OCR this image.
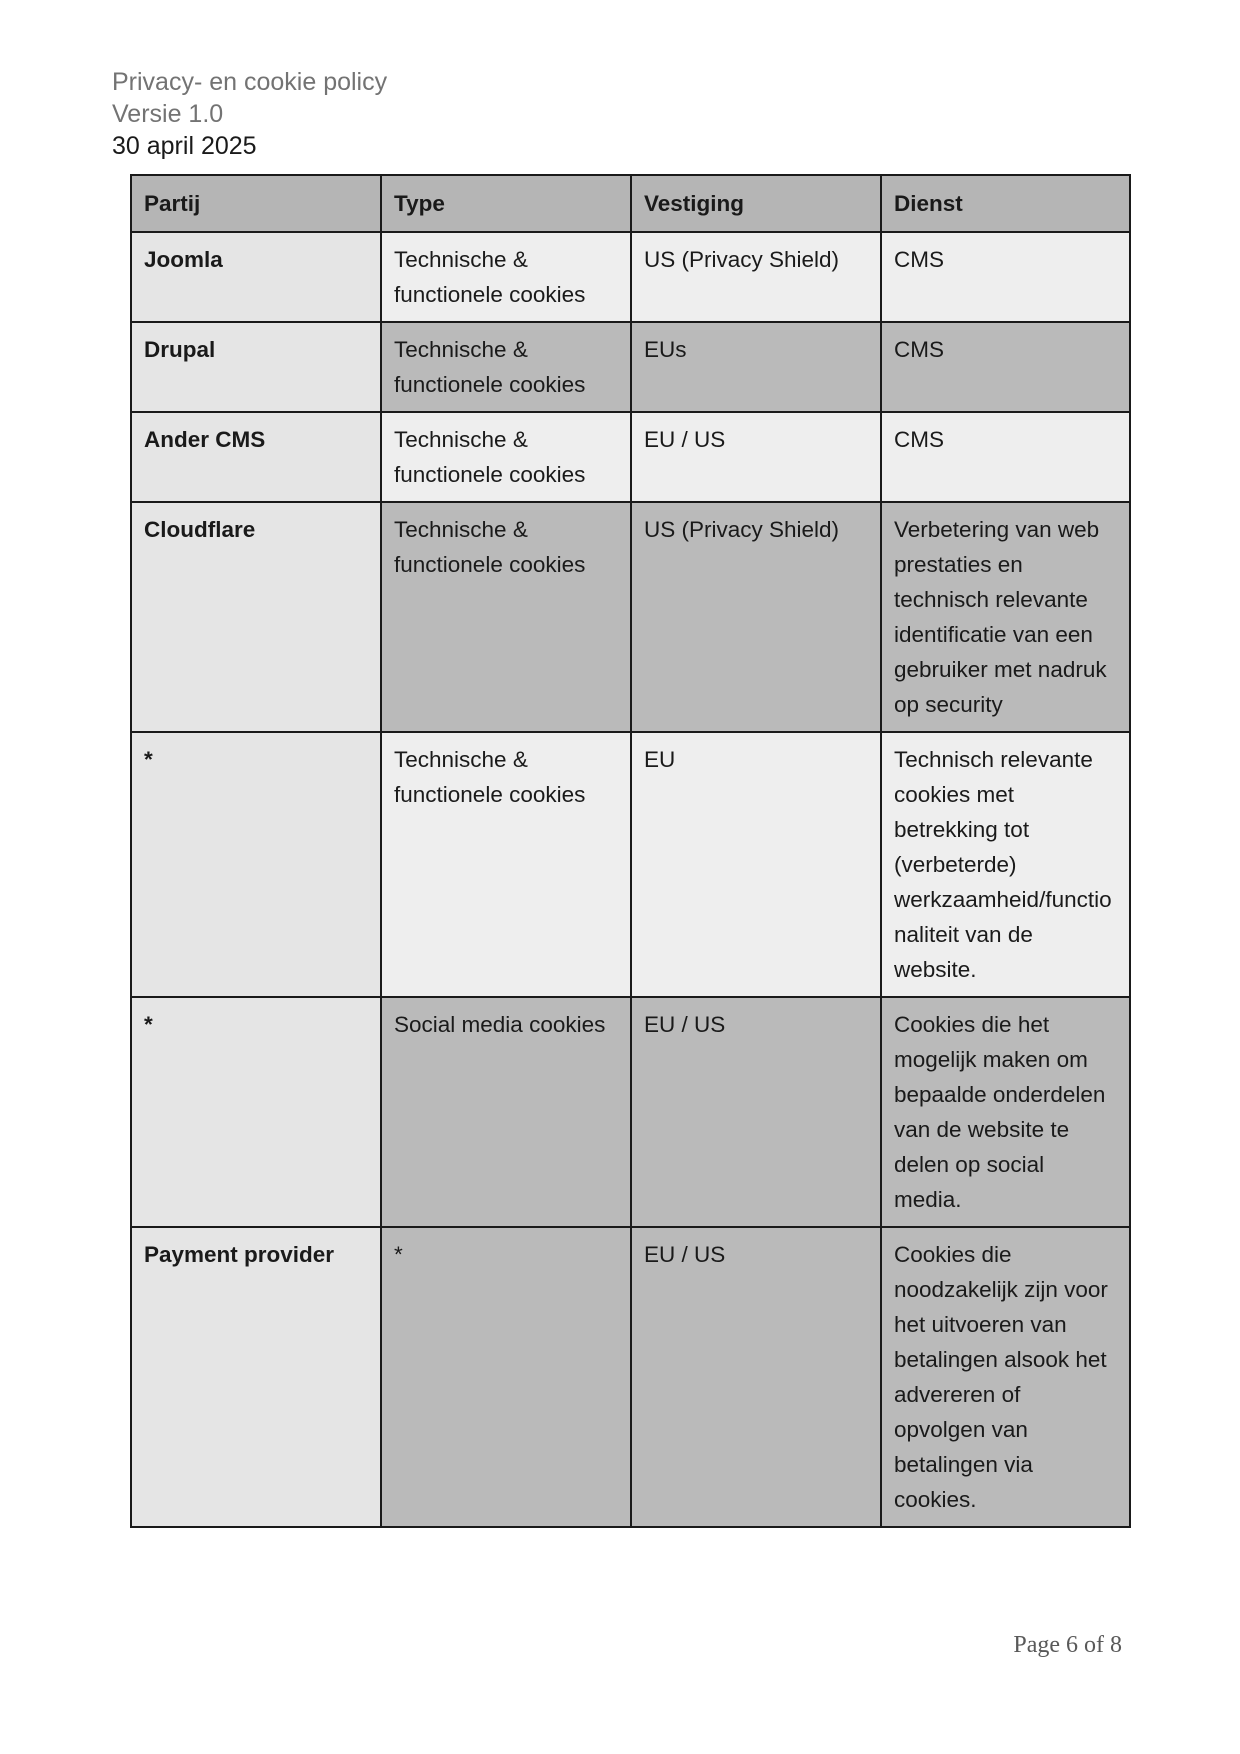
Privacy- en cookie policy

Versie 1.0

30 april 2025

Partij	Type	Vestiging	Dienst
Joomla	Technische & functionele cookies	US (Privacy Shield)	CMS
Drupal	Technische & functionele cookies	EUs	CMS
Ander CMS	Technische & functionele cookies	EU / US	CMS
Cloudflare	Technische & functionele cookies	US (Privacy Shield)	Verbetering van web prestaties en technisch relevante identificatie van een gebruiker met nadruk op security
*	Technische & functionele cookies	EU	Technisch relevante cookies met betrekking tot (verbeterde) werkzaamheid/functionaliteit van de website.
*	Social media cookies	EU / US	Cookies die het mogelijk maken om bepaalde onderdelen van de website te delen op social media.
Payment provider	*	EU / US	Cookies die noodzakelijk zijn voor het uitvoeren van betalingen alsook het advereren of opvolgen van betalingen via cookies.
Page 6 of 8
